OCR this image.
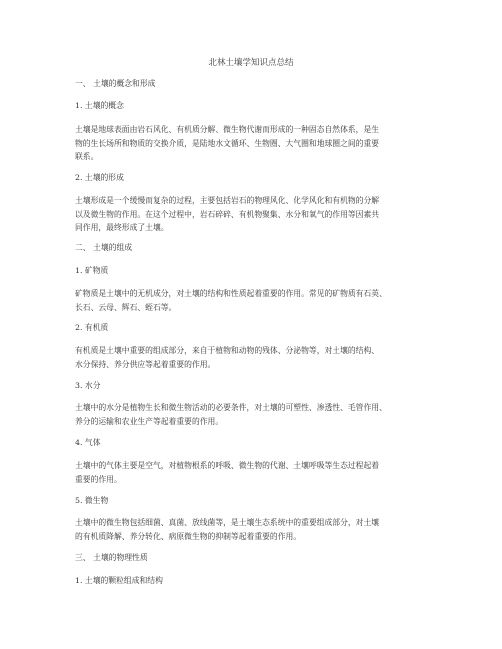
北林土壤学知识点总结
一、 土壤的概念和形成
1. 土壤的概念
土壤是地球表面由岩石风化、有机质分解、微生物代谢而形成的一种固态自然体系，是生
物的生长场所和物质的交换介质，是陆地水文循环、生物圈、大气圈和地球圈之间的重要
联系。
2. 土壤的形成
土壤形成是一个缓慢而复杂的过程，主要包括岩石的物理风化、化学风化和有机物的分解
以及微生物的作用。在这个过程中，岩石碎碎、有机物聚集、水分和氧气的作用等因素共
同作用，最终形成了土壤。
二、 土壤的组成
1. 矿物质
矿物质是土壤中的无机成分，对土壤的结构和性质起着重要的作用。常见的矿物质有石英、
长石、云母、辉石、蛭石等。
2. 有机质
有机质是土壤中重要的组成部分，来自于植物和动物的残体、分泌物等，对土壤的结构、
水分保持、养分供应等起着重要的作用。
3. 水分
土壤中的水分是植物生长和微生物活动的必要条件，对土壤的可塑性、渗透性、毛管作用、
养分的运输和农业生产等起着重要的作用。
4. 气体
土壤中的气体主要是空气，对植物根系的呼吸、微生物的代谢、土壤呼吸等生态过程起着
重要的作用。
5. 微生物
土壤中的微生物包括细菌、真菌、放线菌等，是土壤生态系统中的重要组成部分，对土壤
的有机质降解、养分转化、病原微生物的抑制等起着重要的作用。
三、 土壤的物理性质
1. 土壤的颗粒组成和结构
